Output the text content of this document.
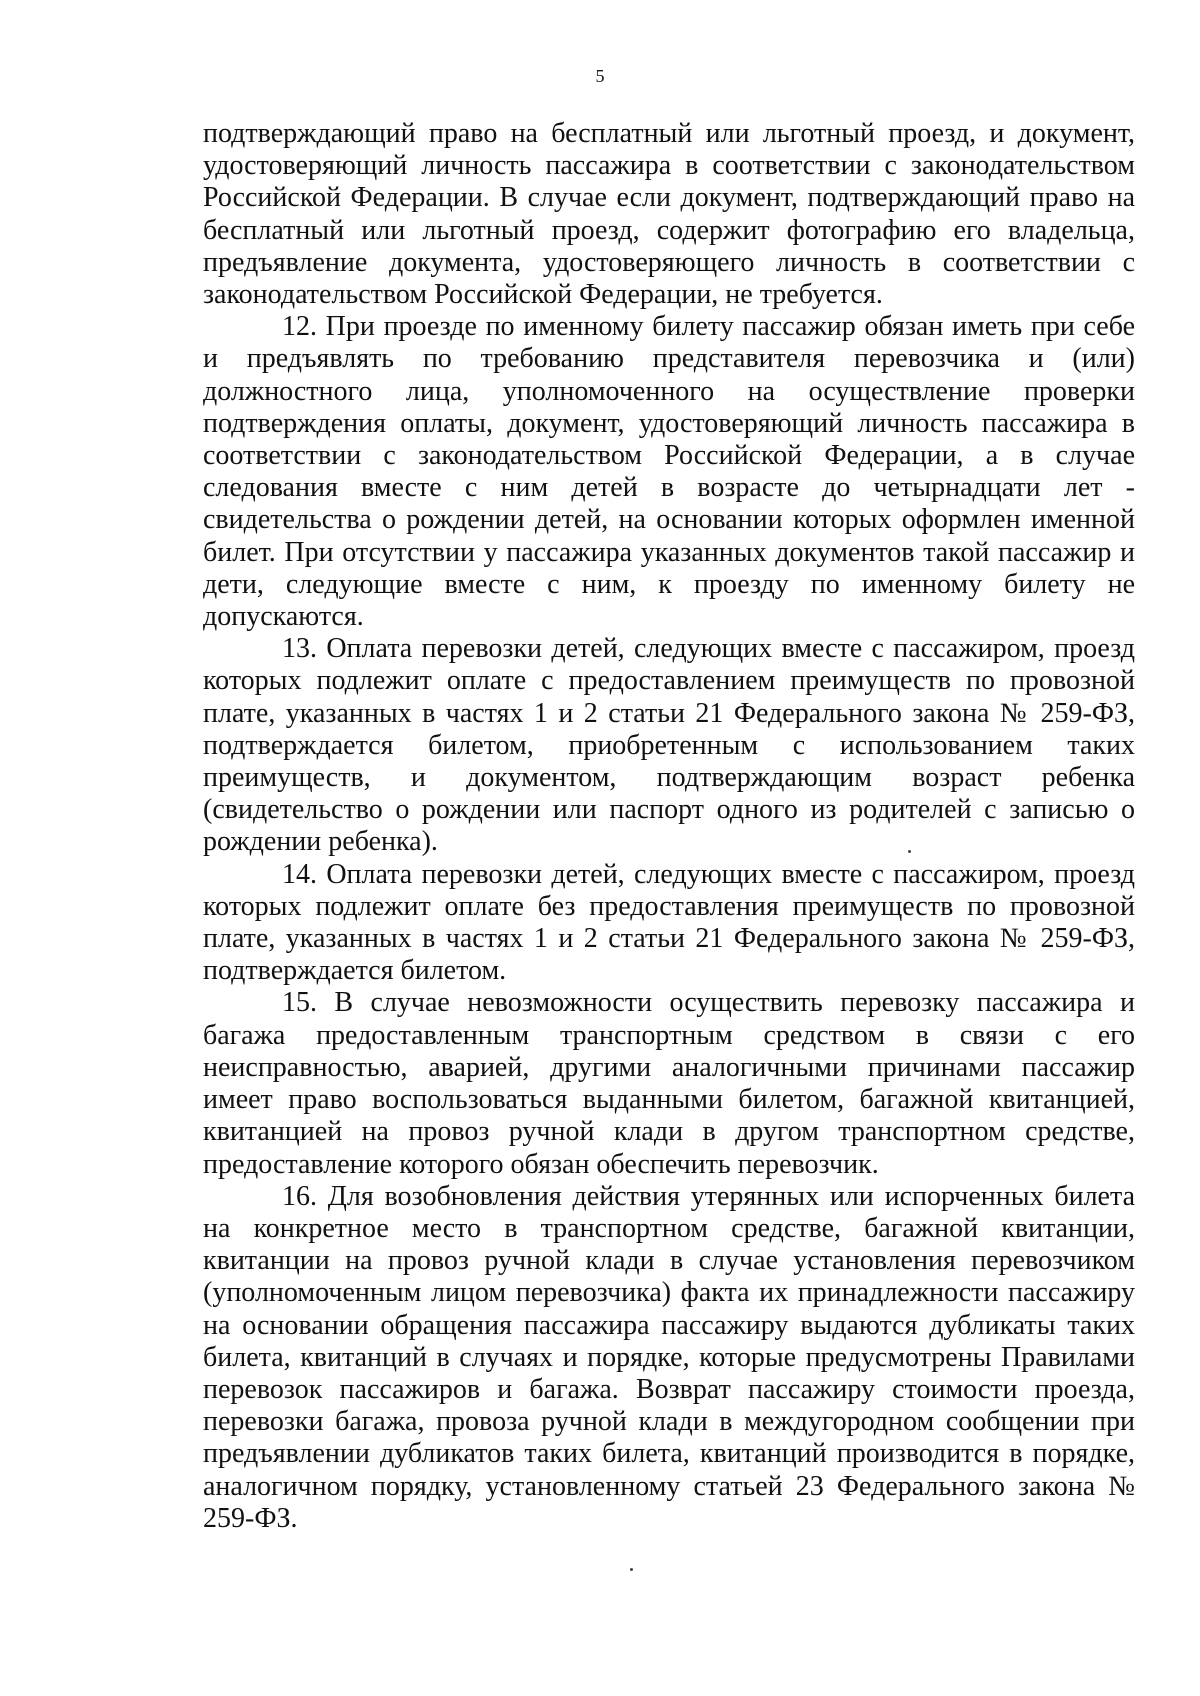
5

подтверждающий право на бесплатный или льготный проезд, и документ, удостоверяющий личность пассажира в соответствии с законодательством Российской Федерации. В случае если документ, подтверждающий право на бесплатный или льготный проезд, содержит фотографию его владельца, предъявление документа, удостоверяющего личность в соответствии с законодательством Российской Федерации, не требуется.

12. При проезде по именному билету пассажир обязан иметь при себе и предъявлять по требованию представителя перевозчика и (или) должностного лица, уполномоченного на осуществление проверки подтверждения оплаты, документ, удостоверяющий личность пассажира в соответствии с законодательством Российской Федерации, а в случае следования вместе с ним детей в возрасте до четырнадцати лет - свидетельства о рождении детей, на основании которых оформлен именной билет. При отсутствии у пассажира указанных документов такой пассажир и дети, следующие вместе с ним, к проезду по именному билету не допускаются.

13. Оплата перевозки детей, следующих вместе с пассажиром, проезд которых подлежит оплате с предоставлением преимуществ по провозной плате, указанных в частях 1 и 2 статьи 21 Федерального закона № 259-ФЗ, подтверждается билетом, приобретенным с использованием таких преимуществ, и документом, подтверждающим возраст ребенка (свидетельство о рождении или паспорт одного из родителей с записью о рождении ребенка).

14. Оплата перевозки детей, следующих вместе с пассажиром, проезд которых подлежит оплате без предоставления преимуществ по провозной плате, указанных в частях 1 и 2 статьи 21 Федерального закона № 259-ФЗ, подтверждается билетом.

15. В случае невозможности осуществить перевозку пассажира и багажа предоставленным транспортным средством в связи с его неисправностью, аварией, другими аналогичными причинами пассажир имеет право воспользоваться выданными билетом, багажной квитанцией, квитанцией на провоз ручной клади в другом транспортном средстве, предоставление которого обязан обеспечить перевозчик.

16. Для возобновления действия утерянных или испорченных билета на конкретное место в транспортном средстве, багажной квитанции, квитанции на провоз ручной клади в случае установления перевозчиком (уполномоченным лицом перевозчика) факта их принадлежности пассажиру на основании обращения пассажира пассажиру выдаются дубликаты таких билета, квитанций в случаях и порядке, которые предусмотрены Правилами перевозок пассажиров и багажа. Возврат пассажиру стоимости проезда, перевозки багажа, провоза ручной клади в междугородном сообщении при предъявлении дубликатов таких билета, квитанций производится в порядке, аналогичном порядку, установленному статьей 23 Федерального закона № 259-ФЗ.
